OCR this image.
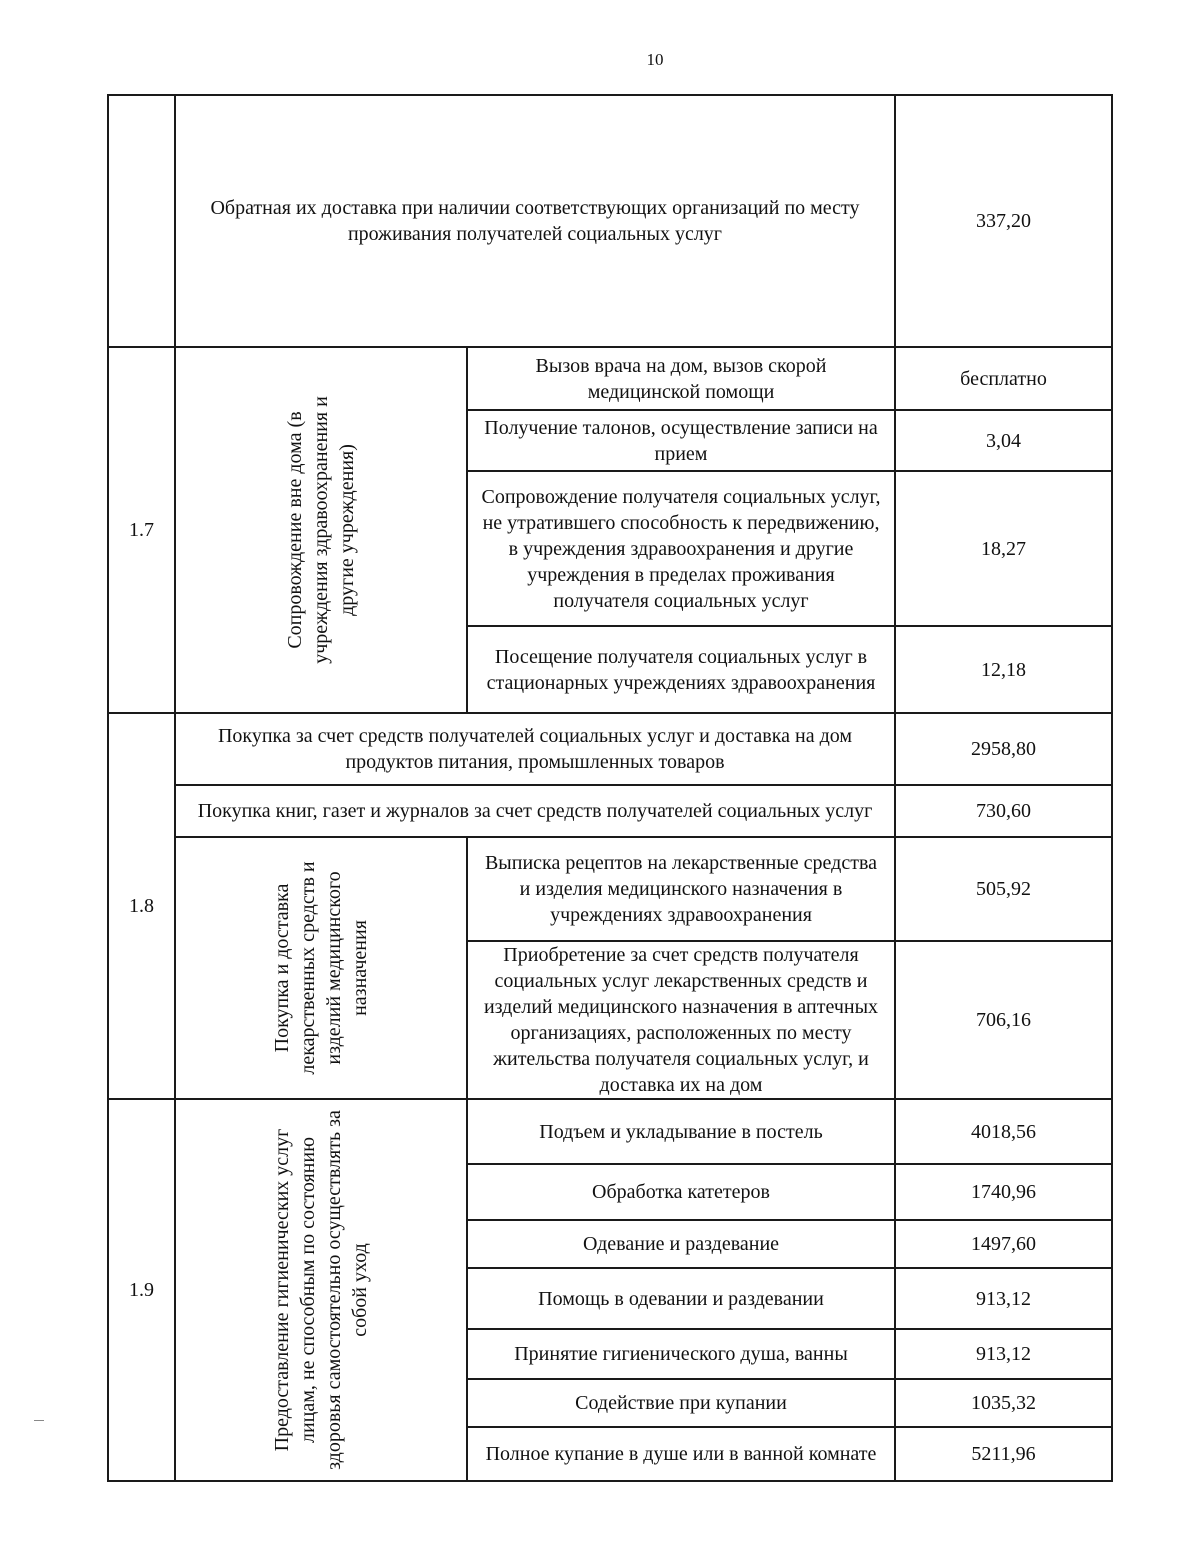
10
	Обратная их доставка при наличии соответствующих организаций по месту проживания получателей социальных услуг		337,20
1.7	Сопровождение вне дома (в учреждения здравоохранения и другие учреждения)	Вызов врача на дом, вызов скорой медицинской помощи	бесплатно
		Получение талонов, осуществление записи на прием	3,04
		Сопровождение получателя социальных услуг, не утратившего способность к передвижению, в учреждения здравоохранения и другие учреждения в пределах проживания получателя социальных услуг	18,27
		Посещение получателя социальных услуг в стационарных учреждениях здравоохранения	12,18
1.8	Покупка за счет средств получателей социальных услуг и доставка на дом продуктов питания, промышленных товаров		2958,80
	Покупка книг, газет и журналов за счет средств получателей социальных услуг		730,60

	Покупка и доставка лекарственных средств и изделий медицинского назначения	Выписка рецептов на лекарственные средства и изделия медицинского назначения в учреждениях здравоохранения	505,92
		Приобретение за счет средств получателя социальных услуг лекарственных средств и изделий медицинского назначения в аптечных организациях, расположенных по месту жительства получателя социальных услуг, и доставка их на дом	706,16
1.9	Предоставление гигиенических услуг лицам, не способным по состоянию здоровья самостоятельно осуществлять за собой уход	Подъем и укладывание в постель	4018,56
		Обработка катетеров	1740,96
		Одевание и раздевание	1497,60
		Помощь в одевании и раздевании	913,12
		Принятие гигиенического душа, ванны	913,12
		Содействие при купании	1035,32
		Полное купание в душе или в ванной комнате	5211,96
